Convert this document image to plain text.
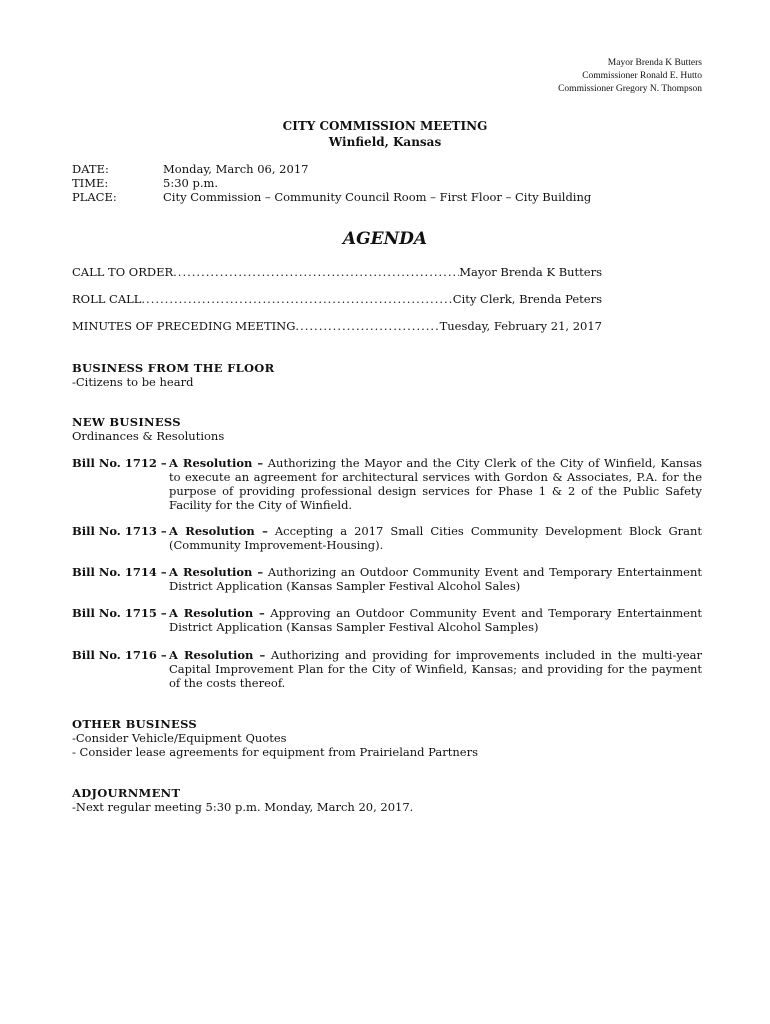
Mayor Brenda K Butters
Commissioner Ronald E. Hutto
Commissioner Gregory N. Thompson
CITY COMMISSION MEETING
Winfield, Kansas
DATE:	Monday, March 06, 2017
TIME:	5:30 p.m.
PLACE:	City Commission – Community Council Room – First Floor – City Building
AGENDA
CALL TO ORDER .....	Mayor Brenda K Butters
ROLL CALL .....	City Clerk, Brenda Peters
MINUTES OF PRECEDING MEETING .....	Tuesday, February 21, 2017
BUSINESS FROM THE FLOOR
-Citizens to be heard
NEW BUSINESS
Ordinances & Resolutions
Bill No. 1712 – A Resolution – Authorizing the Mayor and the City Clerk of the City of Winfield, Kansas to execute an agreement for architectural services with Gordon & Associates, P.A. for the purpose of providing professional design services for Phase 1 & 2 of the Public Safety Facility for the City of Winfield.
Bill No. 1713 – A Resolution – Accepting a 2017 Small Cities Community Development Block Grant (Community Improvement-Housing).
Bill No. 1714 – A Resolution – Authorizing an Outdoor Community Event and Temporary Entertainment District Application (Kansas Sampler Festival Alcohol Sales)
Bill No. 1715 – A Resolution – Approving an Outdoor Community Event and Temporary Entertainment District Application (Kansas Sampler Festival Alcohol Samples)
Bill No. 1716 – A Resolution – Authorizing and providing for improvements included in the multi-year Capital Improvement Plan for the City of Winfield, Kansas; and providing for the payment of the costs thereof.
OTHER BUSINESS
-Consider Vehicle/Equipment Quotes
- Consider lease agreements for equipment from Prairieland Partners
ADJOURNMENT
-Next regular meeting 5:30 p.m. Monday, March 20, 2017.
